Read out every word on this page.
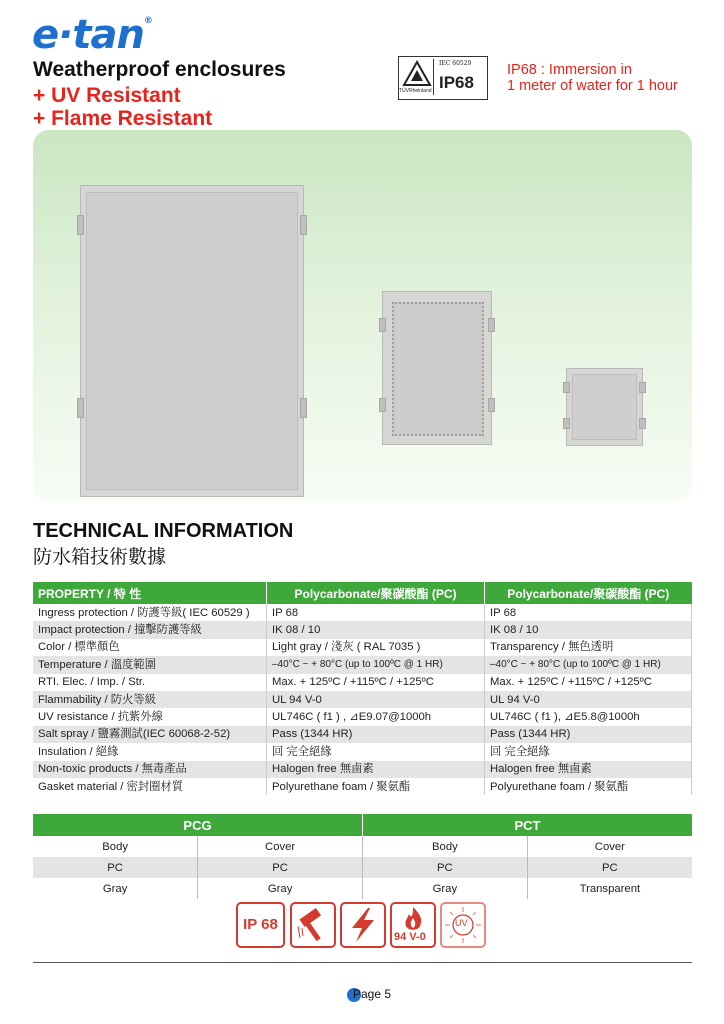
e·tan®
Weatherproof enclosures
+ UV Resistant
+ Flame Resistant
IEC 60529
IP68
TÜVRheinland
IP68 : Immersion in
1 meter of water for 1 hour
TECHNICAL INFORMATION
防水箱技術數據
PROPERTY / 特 性	Polycarbonate/聚碳酸酯 (PC)	Polycarbonate/聚碳酸酯 (PC)
Ingress protection / 防護等級( IEC 60529 )	IP 68	IP 68
Impact protection / 撞擊防護等級	IK 08 / 10	IK 08 / 10
Color / 標準顏色	Light gray / 淺灰 ( RAL 7035 )	Transparency / 無色透明
Temperature / 溫度範圍	–40°C ~ + 80°C (up to 100ºC @ 1 HR)	–40°C ~ + 80°C (up to 100ºC @ 1 HR)
RTI. Elec. / Imp. / Str.	Max. + 125ºC / +115ºC / +125ºC	Max. + 125ºC / +115ºC / +125ºC
Flammability / 防火等級	UL 94 V-0	UL 94 V-0
UV resistance / 抗紫外線	UL746C ( f1 ) , ⊿E9.07@1000h	UL746C ( f1 ), ⊿E5.8@1000h
Salt spray / 鹽霧測試(IEC 60068-2-52)	Pass (1344 HR)	Pass (1344 HR)
Insulation / 絕緣	回 完全絕緣	回 完全絕緣
Non-toxic products / 無毒產品	Halogen free 無鹵素	Halogen free 無鹵素
Gasket material / 密封圈材質	Polyurethane foam / 聚氨酯	Polyurethane foam / 聚氨酯
PCG		PCT	
Body	Cover	Body	Cover
PC	PC	PC	PC
Gray	Gray	Gray	Transparent
IP 68
94 V-0
UV
Page 5
